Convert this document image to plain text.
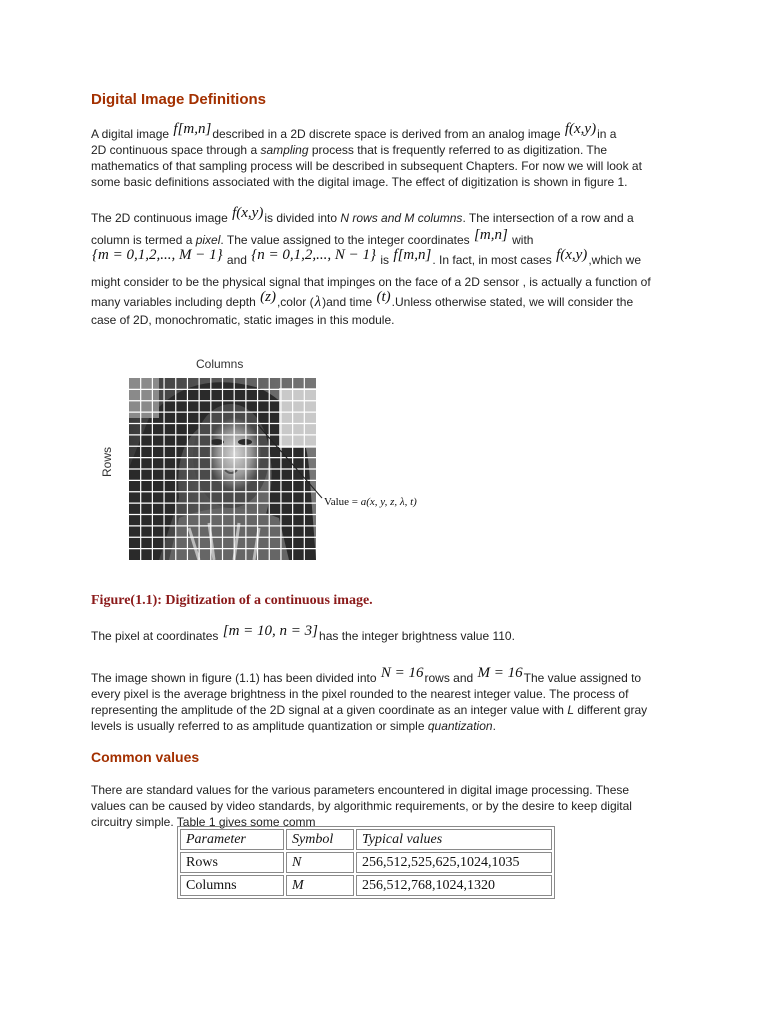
Digital Image Definitions
A digital image f[m,n]described in a 2D discrete space is derived from an analog image f(x,y)in a
2D continuous space through a sampling process that is frequently referred to as digitization. The
mathematics of that sampling process will be described in subsequent Chapters. For now we will look at
some basic definitions associated with the digital image. The effect of digitization is shown in figure 1.
The 2D continuous image f(x,y)is divided into N rows and M columns. The intersection of a row and a
column is termed a pixel. The value assigned to the integer coordinates [m,n] with
{m = 0,1,2,..., M − 1} and {n = 0,1,2,..., N − 1} is f[m,n]. In fact, in most cases f(x,y),which we
might consider to be the physical signal that impinges on the face of a 2D sensor , is actually a function of
many variables including depth (z),color (λ)and time (t).Unless otherwise stated, we will consider the
case of 2D, monochromatic, static images in this module.
Columns
Rows
Value = a(x, y, z, λ, t)
Figure(1.1): Digitization of a continuous image.
The pixel at coordinates [m = 10, n = 3]has the integer brightness value 110.
The image shown in figure (1.1) has been divided into N = 16rows and M = 16The value assigned to
every pixel is the average brightness in the pixel rounded to the nearest integer value. The process of
representing the amplitude of the 2D signal at a given coordinate as an integer value with L different gray
levels is usually referred to as amplitude quantization or simple quantization.
Common values
There are standard values for the various parameters encountered in digital image processing. These
values can be caused by video standards, by algorithmic requirements, or by the desire to keep digital
circuitry simple. Table 1 gives some comm
Parameter	Symbol	Typical values
Rows	N	256,512,525,625,1024,1035
Columns	M	256,512,768,1024,1320
